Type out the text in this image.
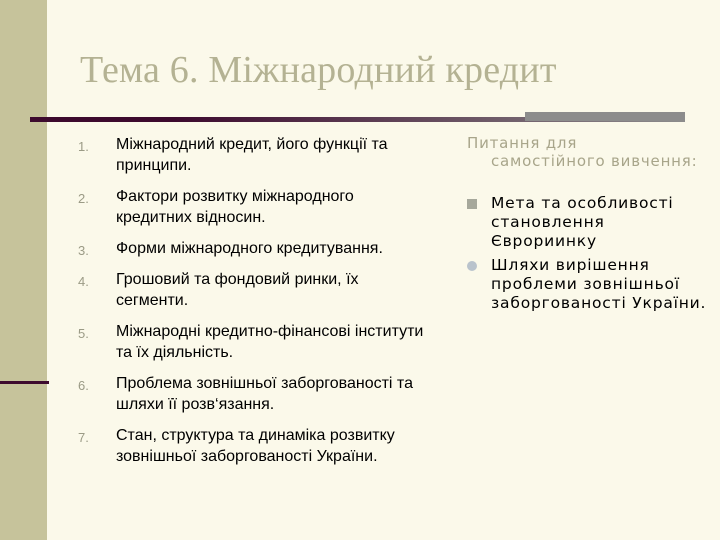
Тема 6. Міжнародний кредит
1. Міжнародний кредит, його функції та принципи.
2. Фактори розвитку міжнародного кредитних відносин.
3. Форми міжнародного кредитування.
4. Грошовий та фондовий ринки, їх сегменти.
5. Міжнародні кредитно-фінансові інститути та їх діяльність.
6. Проблема зовнішньої заборгованості та шляхи її розв‘язання.
7. Стан, структура та динаміка розвитку зовнішньої заборгованості України.
Питання для
самостійного вивчення:
Мета та особливості становлення Єврориинку
Шляхи вирішення проблеми зовнішньої заборгованості України.
